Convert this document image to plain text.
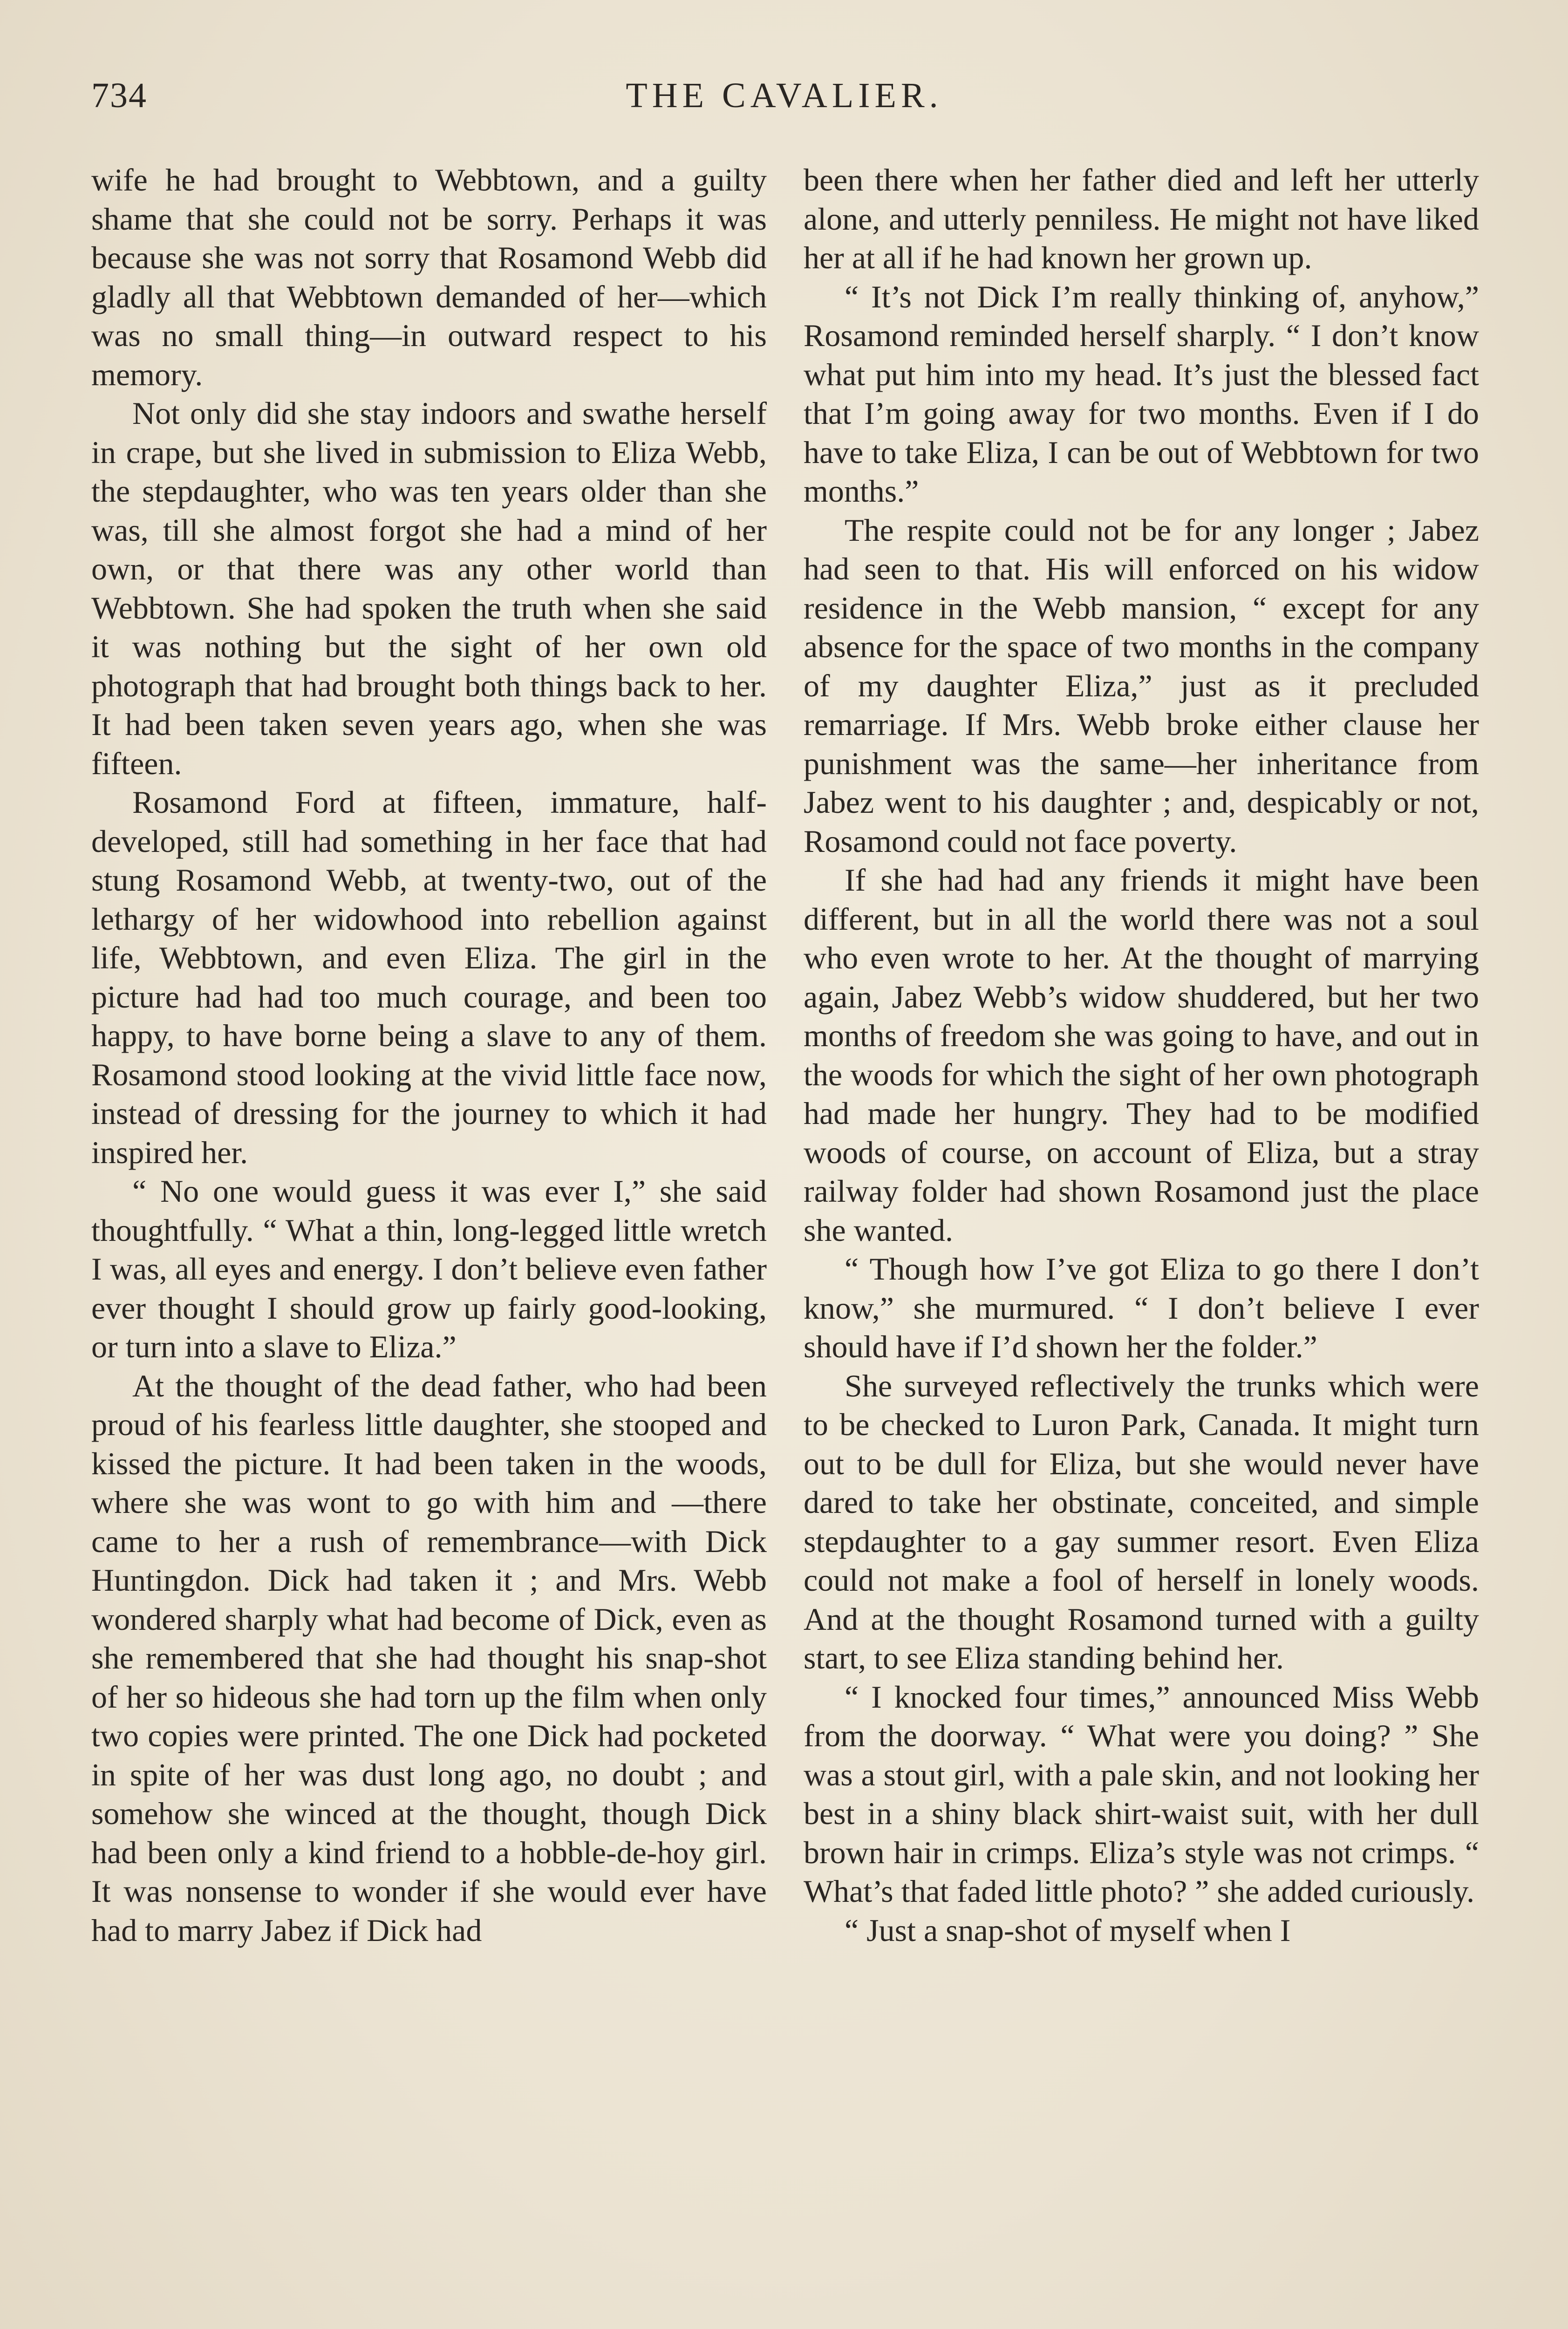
734	THE CAVALIER.

wife he had brought to Webbtown, and a guilty shame that she could not be sorry. Perhaps it was because she was not sorry that Rosamond Webb did gladly all that Webbtown demanded of her—which was no small thing—in outward respect to his memory.

Not only did she stay indoors and swathe herself in crape, but she lived in submission to Eliza Webb, the stepdaughter, who was ten years older than she was, till she almost forgot she had a mind of her own, or that there was any other world than Webbtown. She had spoken the truth when she said it was nothing but the sight of her own old photograph that had brought both things back to her. It had been taken seven years ago, when she was fifteen.

Rosamond Ford at fifteen, immature, half-developed, still had something in her face that had stung Rosamond Webb, at twenty-two, out of the lethargy of her widowhood into rebellion against life, Webbtown, and even Eliza. The girl in the picture had had too much courage, and been too happy, to have borne being a slave to any of them. Rosamond stood looking at the vivid little face now, instead of dressing for the journey to which it had inspired her.

“ No one would guess it was ever I,” she said thoughtfully. “ What a thin, long-legged little wretch I was, all eyes and energy. I don’t believe even father ever thought I should grow up fairly good-looking, or turn into a slave to Eliza.”

At the thought of the dead father, who had been proud of his fearless little daughter, she stooped and kissed the picture. It had been taken in the woods, where she was wont to go with him and —there came to her a rush of remembrance—with Dick Huntingdon. Dick had taken it ; and Mrs. Webb wondered sharply what had become of Dick, even as she remembered that she had thought his snap-shot of her so hideous she had torn up the film when only two copies were printed. The one Dick had pocketed in spite of her was dust long ago, no doubt ; and somehow she winced at the thought, though Dick had been only a kind friend to a hobble-de-hoy girl. It was nonsense to wonder if she would ever have had to marry Jabez if Dick had

been there when her father died and left her utterly alone, and utterly penniless. He might not have liked her at all if he had known her grown up.

“ It’s not Dick I’m really thinking of, anyhow,” Rosamond reminded herself sharply. “ I don’t know what put him into my head. It’s just the blessed fact that I’m going away for two months. Even if I do have to take Eliza, I can be out of Webbtown for two months.”

The respite could not be for any longer ; Jabez had seen to that. His will enforced on his widow residence in the Webb mansion, “ except for any absence for the space of two months in the company of my daughter Eliza,” just as it precluded remarriage. If Mrs. Webb broke either clause her punishment was the same—her inheritance from Jabez went to his daughter ; and, despicably or not, Rosamond could not face poverty.

If she had had any friends it might have been different, but in all the world there was not a soul who even wrote to her. At the thought of marrying again, Jabez Webb’s widow shuddered, but her two months of freedom she was going to have, and out in the woods for which the sight of her own photograph had made her hungry. They had to be modified woods of course, on account of Eliza, but a stray railway folder had shown Rosamond just the place she wanted.

“ Though how I’ve got Eliza to go there I don’t know,” she murmured. “ I don’t believe I ever should have if I’d shown her the folder.”

She surveyed reflectively the trunks which were to be checked to Luron Park, Canada. It might turn out to be dull for Eliza, but she would never have dared to take her obstinate, conceited, and simple stepdaughter to a gay summer resort. Even Eliza could not make a fool of herself in lonely woods. And at the thought Rosamond turned with a guilty start, to see Eliza standing behind her.

“ I knocked four times,” announced Miss Webb from the doorway. “ What were you doing? ” She was a stout girl, with a pale skin, and not looking her best in a shiny black shirt-waist suit, with her dull brown hair in crimps. Eliza’s style was not crimps. “ What’s that faded little photo? ” she added curiously.

“ Just a snap-shot of myself when I
